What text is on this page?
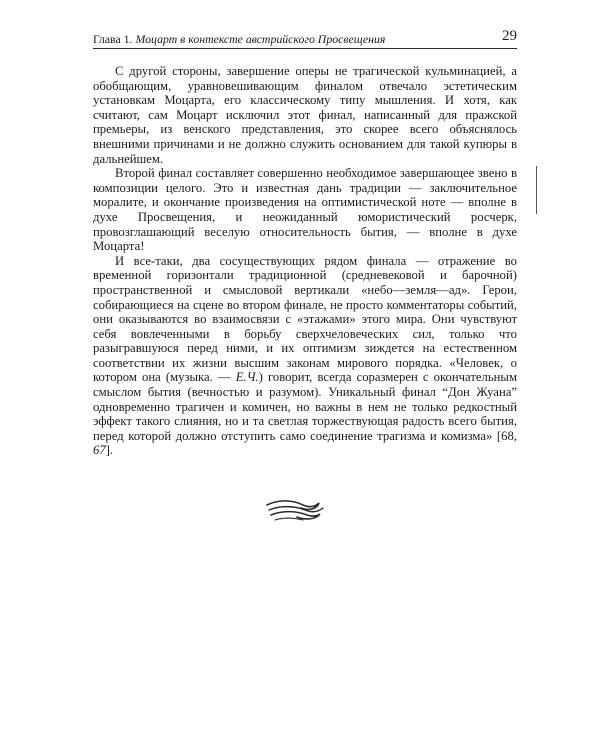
Глава 1. Моцарт в контексте австрийского Просвещения	29

С другой стороны, завершение оперы не трагической кульминацией, а обобщающим, уравновешивающим финалом отвечало эстетическим установкам Моцарта, его классическому типу мышления. И хотя, как считают, сам Моцарт исключил этот финал, написанный для пражской премьеры, из венского представления, это скорее всего объяснялось внешними причинами и не должно служить основанием для такой купюры в дальнейшем.

Второй финал составляет совершенно необходимое завершающее звено в композиции целого. Это и известная дань традиции — заключительное моралите, и окончание произведения на оптимистической ноте — вполне в духе Просвещения, и неожиданный юмористический росчерк, провозглашающий веселую относительность бытия, — вполне в духе Моцарта!

И все-таки, два сосуществующих рядом финала — отражение во временной горизонтали традиционной (средневековой и барочной) пространственной и смысловой вертикали «небо—земля—ад». Герои, собирающиеся на сцене во втором финале, не просто комментаторы событий, они оказываются во взаимосвязи с «этажами» этого мира. Они чувствуют себя вовлеченными в борьбу сверхчеловеческих сил, только что разыгравшуюся перед ними, и их оптимизм зиждется на естественном соответствии их жизни высшим законам мирового порядка. «Человек, о котором она (музыка. — Е.Ч.) говорит, всегда соразмерен с окончательным смыслом бытия (вечностью и разумом). Уникальный финал “Дон Жуана” одновременно трагичен и комичен, но важны в нем не только редкостный эффект такого слияния, но и та светлая торжествующая радость всего бытия, перед которой должно отступить само соединение трагизма и комизма» [68, 67].
